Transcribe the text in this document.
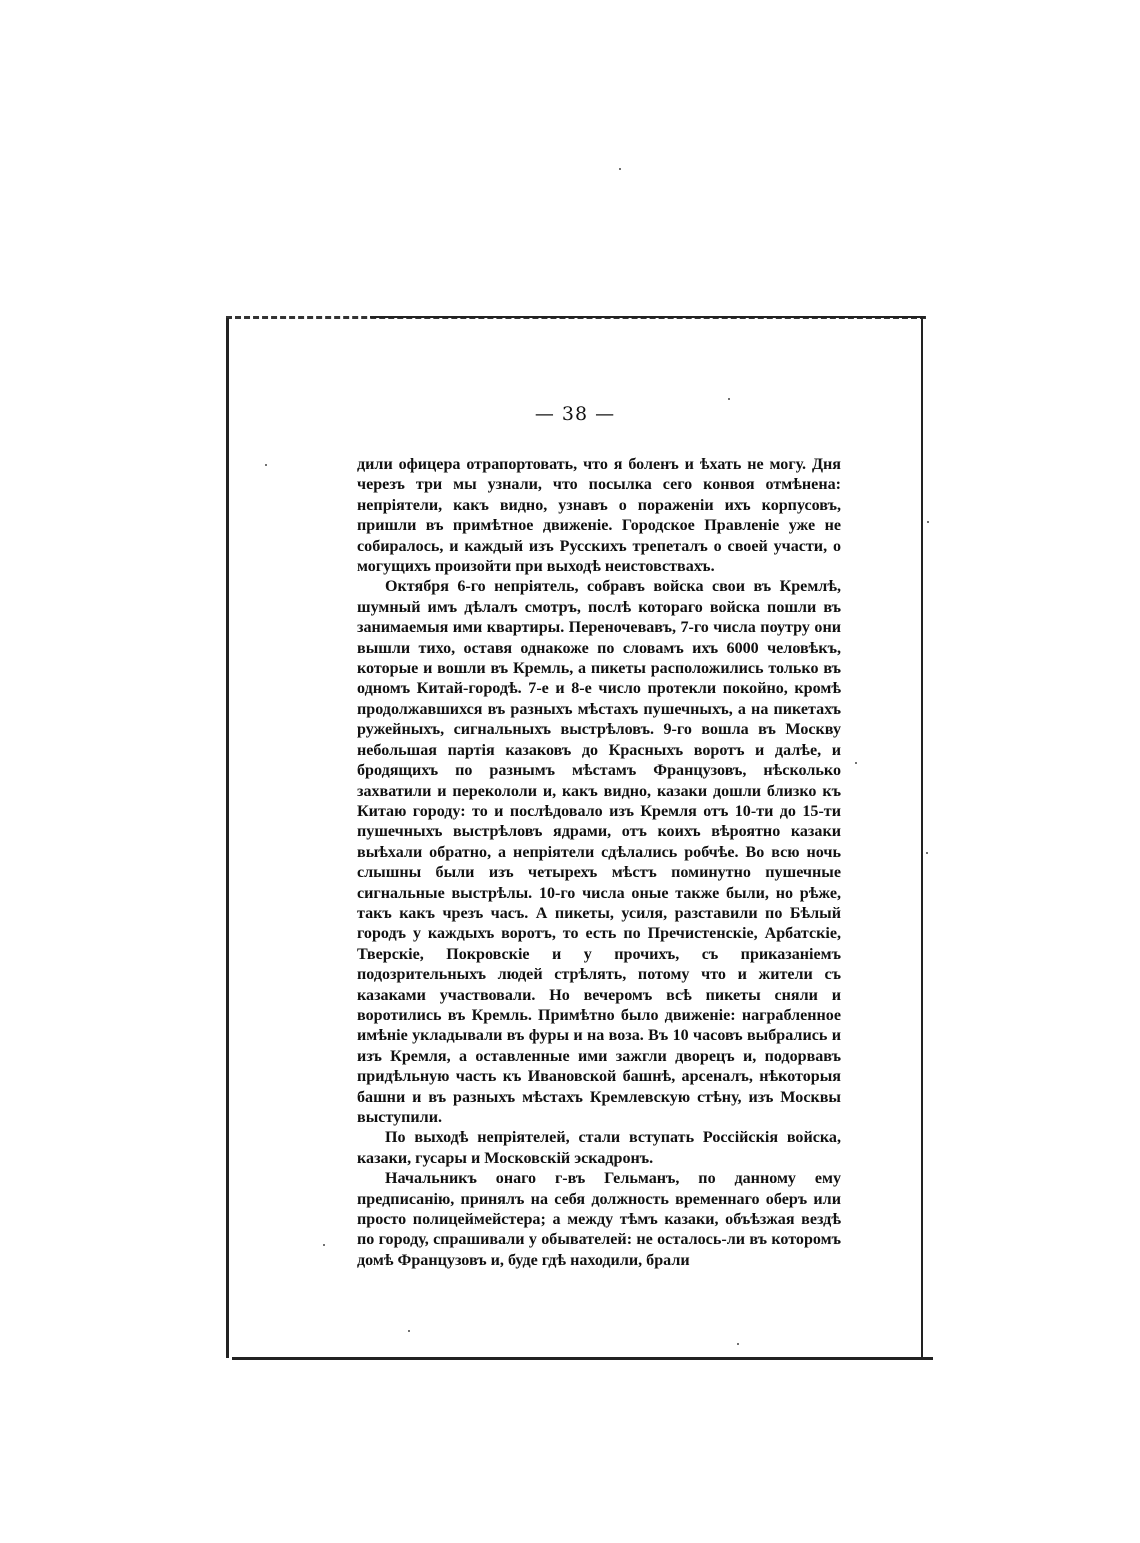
— 38 —

дили офицера отрапортовать, что я боленъ и ѣхать не могу. Дня черезъ три мы узнали, что посылка сего конвоя отмѣнена: непріятели, какъ видно, узнавъ о пораженіи ихъ корпусовъ, пришли въ примѣтное движеніе. Городское Правленіе уже не собиралось, и каждый изъ Русскихъ трепеталъ о своей участи, о могущихъ произойти при выходѣ неистовствахъ.

Октября 6-го непріятель, собравъ войска свои въ Кремлѣ, шумный имъ дѣлалъ смотръ, послѣ котораго войска пошли въ занимаемыя ими квартиры. Переночевавъ, 7-го числа поутру они вышли тихо, оставя однакоже по словамъ ихъ 6000 человѣкъ, которые и вошли въ Кремль, а пикеты расположились только въ одномъ Китай-городѣ. 7-е и 8-е число протекли покойно, кромѣ продолжавшихся въ разныхъ мѣстахъ пушечныхъ, а на пикетахъ ружейныхъ, сигнальныхъ выстрѣловъ. 9-го вошла въ Москву небольшая партія казаковъ до Красныхъ воротъ и далѣе, и бродящихъ по разнымъ мѣстамъ Французовъ, нѣсколько захватили и перекололи и, какъ видно, казаки дошли близко къ Китаю городу: то и послѣдовало изъ Кремля отъ 10-ти до 15-ти пушечныхъ выстрѣловъ ядрами, отъ коихъ вѣроятно казаки выѣхали обратно, а непріятели сдѣлались робчѣе. Во всю ночь слышны были изъ четырехъ мѣстъ поминутно пушечные сигнальные выстрѣлы. 10-го числа оные также были, но рѣже, такъ какъ чрезъ часъ. А пикеты, усиля, разставили по Бѣлый городъ у каждыхъ воротъ, то есть по Пречистенскіе, Арбатскіе, Тверскіе, Покровскіе и у прочихъ, съ приказаніемъ подозрительныхъ людей стрѣлять, потому что и жители съ казаками участвовали. Но вечеромъ всѣ пикеты сняли и воротились въ Кремль. Примѣтно было движеніе: награбленное имѣніе укладывали въ фуры и на воза. Въ 10 часовъ выбрались и изъ Кремля, а оставленные ими зажгли дворецъ и, подорвавъ придѣльную часть къ Ивановской башнѣ, арсеналъ, нѣкоторыя башни и въ разныхъ мѣстахъ Кремлевскую стѣну, изъ Москвы выступили.

По выходѣ непріятелей, стали вступать Россійскія войска, казаки, гусары и Московскій эскадронъ.

Начальникъ онаго г-въ Гельманъ, по данному ему предписанію, принялъ на себя должность временнаго оберъ или просто полицеймейстера; а между тѣмъ казаки, объѣзжая вездѣ по городу, спрашивали у обывателей: не осталось-ли въ которомъ домѣ Французовъ и, буде гдѣ находили, брали
